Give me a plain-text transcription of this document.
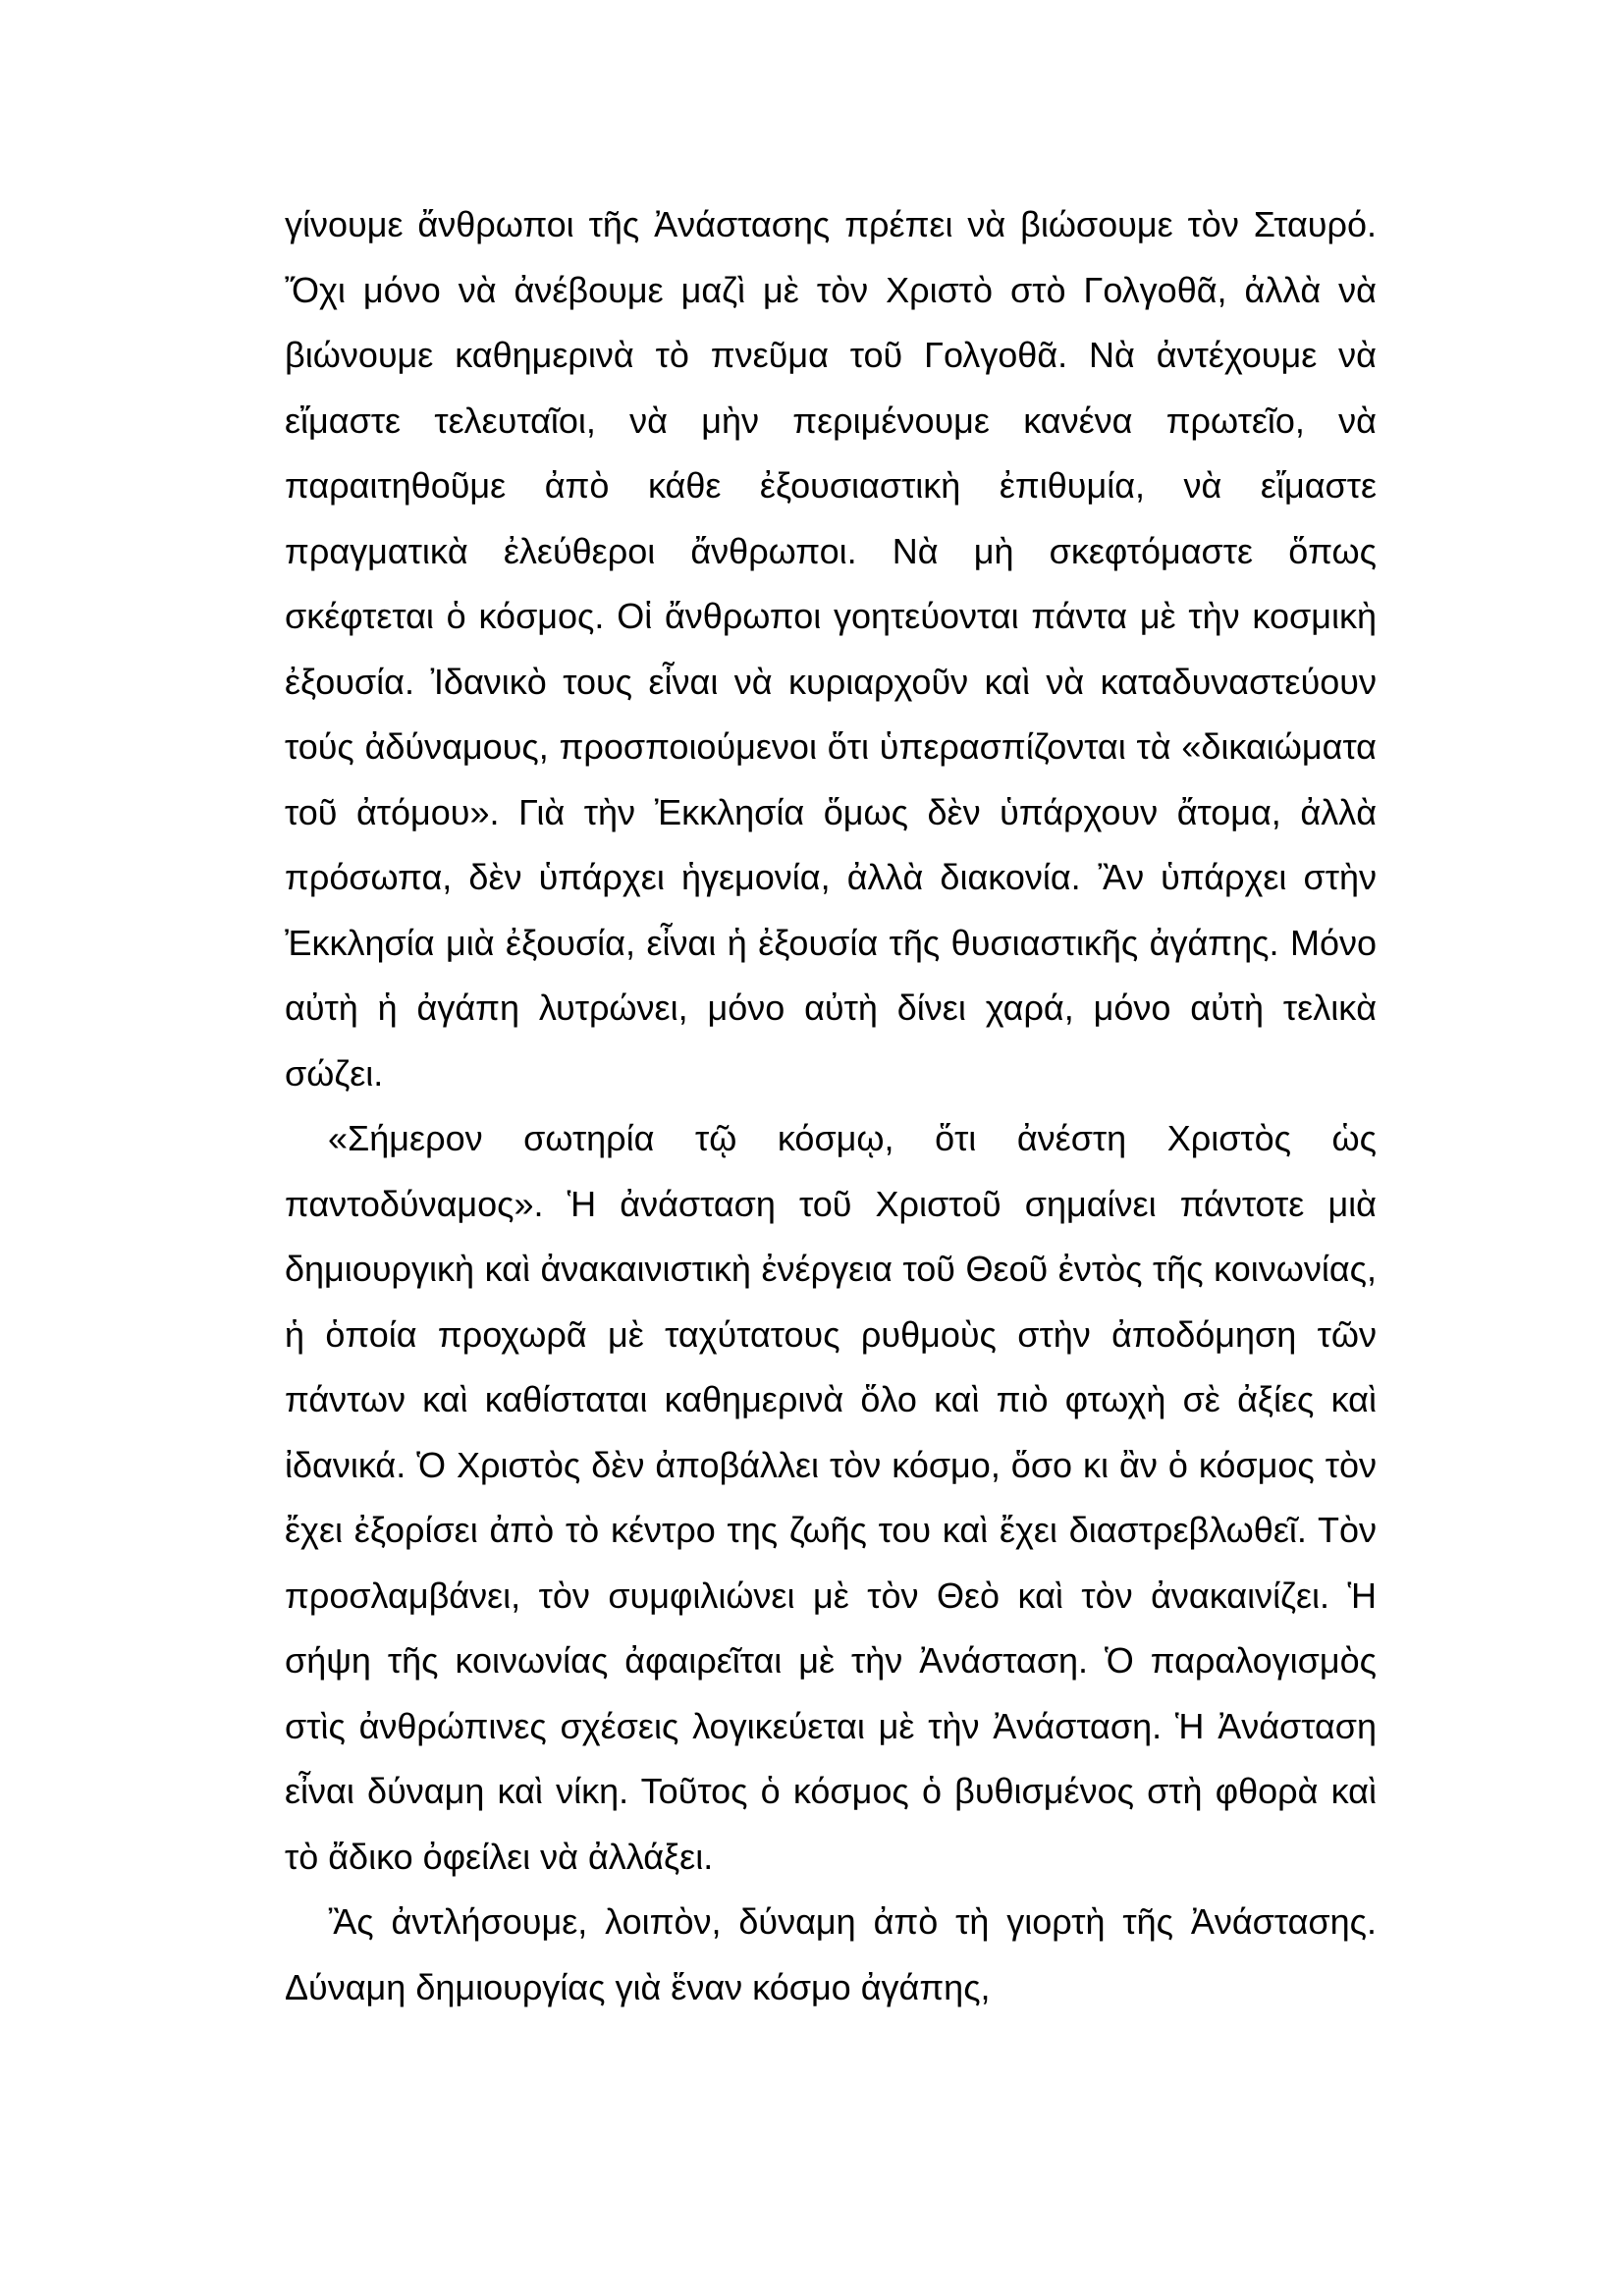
γίνουμε ἄνθρωποι τῆς Ἀνάστασης πρέπει νὰ βιώσουμε τὸν Σταυρό. Ὄχι μόνο νὰ ἀνέβουμε μαζὶ μὲ τὸν Χριστὸ στὸ Γολγοθᾶ, ἀλλὰ νὰ βιώνουμε καθημερινὰ τὸ πνεῦμα τοῦ Γολγοθᾶ. Νὰ ἀντέχουμε νὰ εἴμαστε τελευταῖοι, νὰ μὴν περιμένουμε κανένα πρωτεῖο, νὰ παραιτηθοῦμε ἀπὸ κάθε ἐξουσιαστικὴ ἐπιθυμία, νὰ εἴμαστε πραγματικὰ ἐλεύθεροι ἄνθρωποι. Νὰ μὴ σκεφτόμαστε ὅπως σκέφτεται ὁ κόσμος. Οἱ ἄνθρωποι γοητεύονται πάντα μὲ τὴν κοσμικὴ ἐξουσία. Ἰδανικὸ τους εἶναι νὰ κυριαρχοῦν καὶ νὰ καταδυναστεύουν τούς ἀδύναμους, προσποιούμενοι ὅτι ὑπερασπίζονται τὰ «δικαιώματα τοῦ ἀτόμου». Γιὰ τὴν Ἐκκλησία ὅμως δὲν ὑπάρχουν ἄτομα, ἀλλὰ πρόσωπα, δὲν ὑπάρχει ἡγεμονία, ἀλλὰ διακονία. Ἂν ὑπάρχει στὴν Ἐκκλησία μιὰ ἐξουσία, εἶναι ἡ ἐξουσία τῆς θυσιαστικῆς ἀγάπης. Μόνο αὐτὴ ἡ ἀγάπη λυτρώνει, μόνο αὐτὴ δίνει χαρά, μόνο αὐτὴ τελικὰ σώζει.

«Σήμερον σωτηρία τῷ κόσμῳ, ὅτι ἀνέστη Χριστὸς ὡς παντοδύναμος». Ἡ ἀνάσταση τοῦ Χριστοῦ σημαίνει πάντοτε μιὰ δημιουργικὴ καὶ ἀνακαινιστικὴ ἐνέργεια τοῦ Θεοῦ ἐντὸς τῆς κοινωνίας, ἡ ὁποία προχωρᾶ μὲ ταχύτατους ρυθμοὺς στὴν ἀποδόμηση τῶν πάντων καὶ καθίσταται καθημερινὰ ὅλο καὶ πιὸ φτωχὴ σὲ ἀξίες καὶ ἰδανικά. Ὁ Χριστὸς δὲν ἀποβάλλει τὸν κόσμο, ὅσο κι ἂν ὁ κόσμος τὸν ἔχει ἐξορίσει ἀπὸ τὸ κέντρο της ζωῆς του καὶ ἔχει διαστρεβλωθεῖ. Τὸν προσλαμβάνει, τὸν συμφιλιώνει μὲ τὸν Θεὸ καὶ τὸν ἀνακαινίζει. Ἡ σήψη τῆς κοινωνίας ἀφαιρεῖται μὲ τὴν Ἀνάσταση. Ὁ παραλογισμὸς στὶς ἀνθρώπινες σχέσεις λογικεύεται μὲ τὴν Ἀνάσταση. Ἡ Ἀνάσταση εἶναι δύναμη καὶ νίκη. Τοῦτος ὁ κόσμος ὁ βυθισμένος στὴ φθορὰ καὶ τὸ ἄδικο ὀφείλει νὰ ἀλλάξει.

Ἂς ἀντλήσουμε, λοιπὸν, δύναμη ἀπὸ τὴ γιορτὴ τῆς Ἀνάστασης. Δύναμη δημιουργίας γιὰ ἕναν κόσμο ἀγάπης,
